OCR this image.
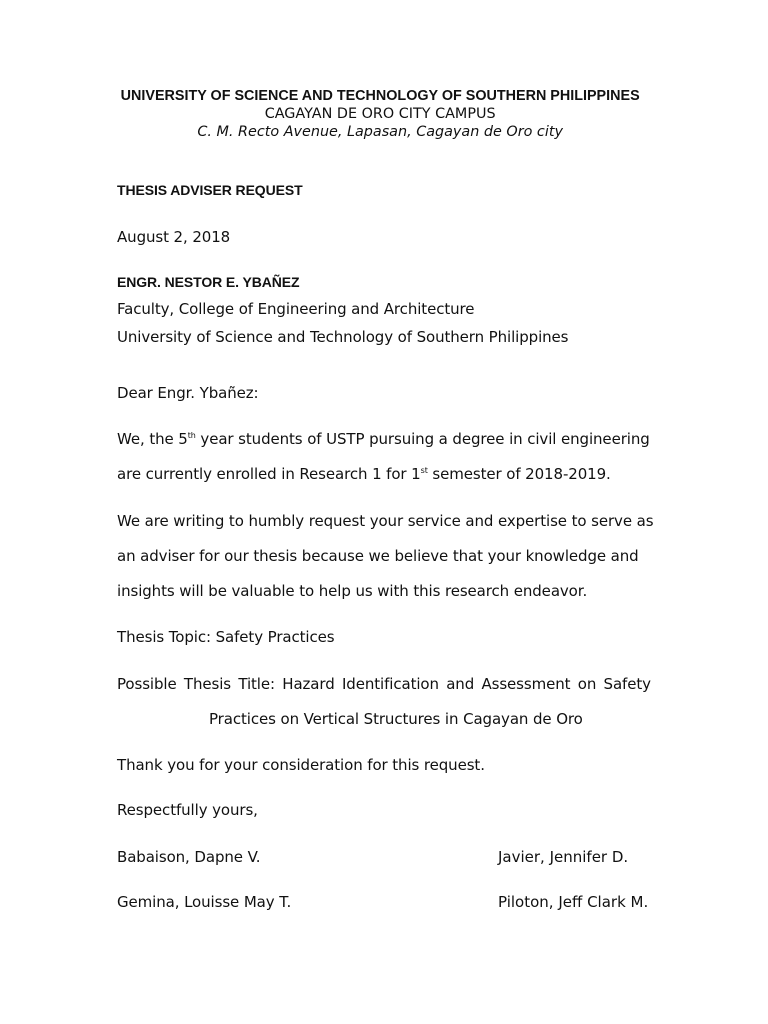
UNIVERSITY OF SCIENCE AND TECHNOLOGY OF SOUTHERN PHILIPPINES
CAGAYAN DE ORO CITY CAMPUS
C. M. Recto Avenue, Lapasan, Cagayan de Oro city
THESIS ADVISER REQUEST
August 2, 2018
ENGR. NESTOR E. YBAÑEZ
Faculty, College of Engineering and Architecture
University of Science and Technology of Southern Philippines
Dear Engr. Ybañez:
We, the 5th year students of USTP pursuing a degree in civil engineering
are currently enrolled in Research 1 for 1st semester of 2018-2019.
We are writing to humbly request your service and expertise to serve as
an adviser for our thesis because we believe that your knowledge and
insights will be valuable to help us with this research endeavor.
Thesis Topic: Safety Practices
Possible Thesis Title: Hazard Identification and Assessment on Safety
Practices on Vertical Structures in Cagayan de Oro
Thank you for your consideration for this request.
Respectfully yours,
Babaison, Dapne V.	Javier, Jennifer D.
Gemina, Louisse May T.	Piloton, Jeff Clark M.
